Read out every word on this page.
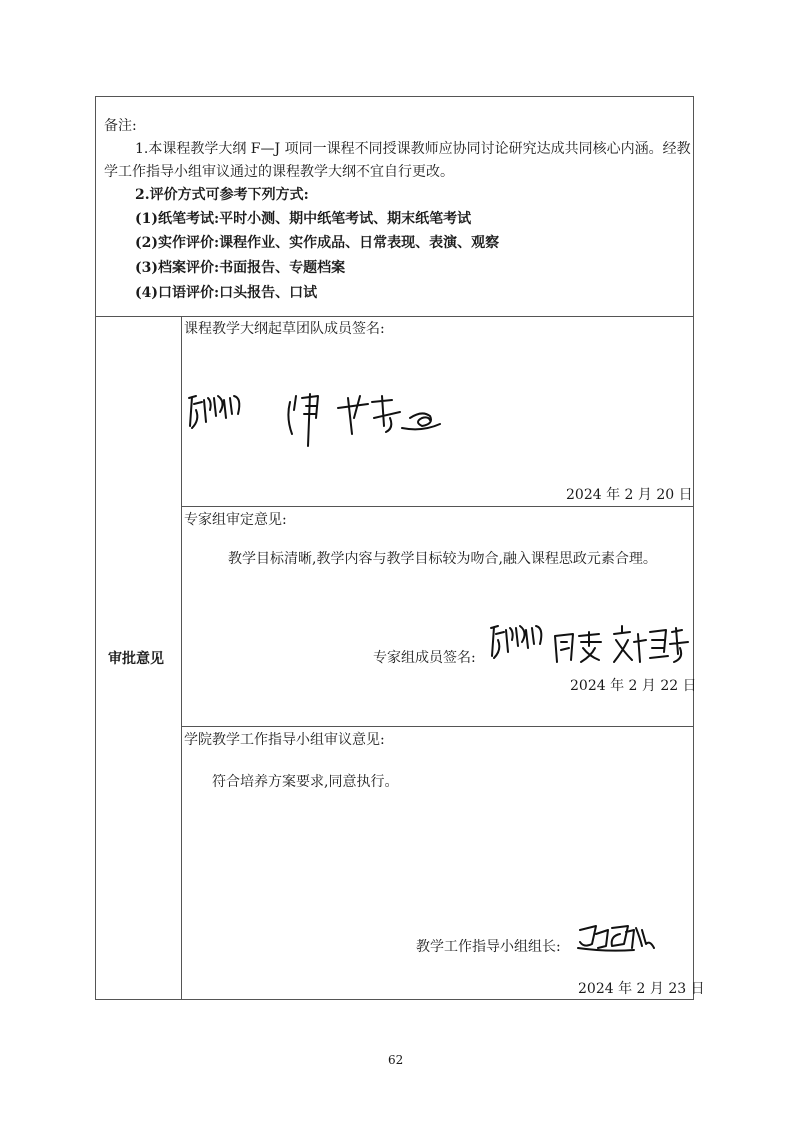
备注:
1.本课程教学大纲 F—J 项同一课程不同授课教师应协同讨论研究达成共同核心内涵。经教
学工作指导小组审议通过的课程教学大纲不宜自行更改。
2.评价方式可参考下列方式:
(1)纸笔考试:平时小测、期中纸笔考试、期末纸笔考试
(2)实作评价:课程作业、实作成品、日常表现、表演、观察
(3)档案评价:书面报告、专题档案
(4)口语评价:口头报告、口试
审批意见
课程教学大纲起草团队成员签名:
2024 年 2 月 20 日
专家组审定意见:
教学目标清晰,教学内容与教学目标较为吻合,融入课程思政元素合理。
专家组成员签名:
2024 年 2 月 22 日
学院教学工作指导小组审议意见:
符合培养方案要求,同意执行。
教学工作指导小组组长:
2024 年 2 月 23 日
62
